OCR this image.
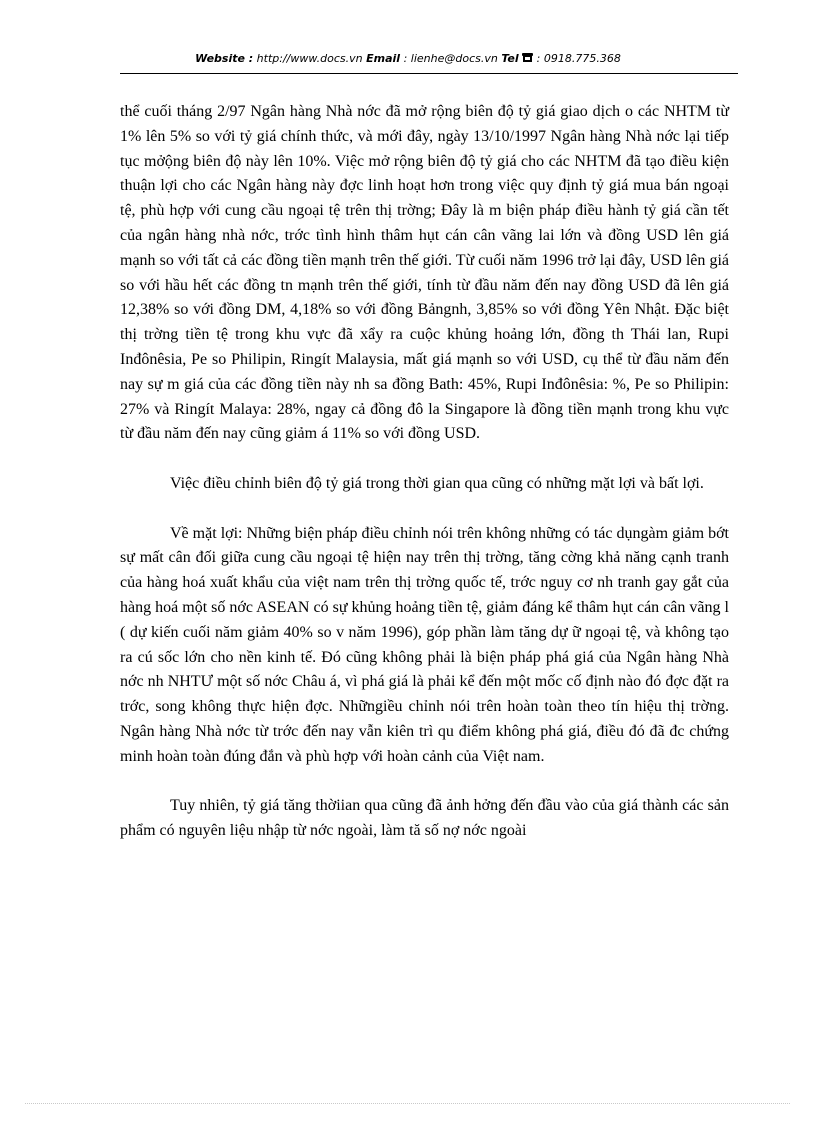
Website : http://www.docs.vn Email : lienhe@docs.vn Tel : 0918.775.368

thể cuối tháng 2/97 Ngân hàng Nhà nớc đã mở rộng biên độ tỷ giá giao dịch o các NHTM từ 1% lên 5% so với tỷ giá chính thức, và mới đây, ngày 13/10/1997 Ngân hàng Nhà nớc lại tiếp tục mởộng biên độ này lên 10%. Việc mở rộng biên độ tỷ giá cho các NHTM đã tạo điều kiện thuận lợi cho các Ngân hàng này đợc linh hoạt hơn trong việc quy định tỷ giá mua bán ngoại tệ, phù hợp với cung cầu ngoại tệ trên thị trờng; Đây là m biện pháp điều hành tỷ giá cần tết của ngân hàng nhà nớc, trớc tình hình thâm hụt cán cân vãng lai lớn và đồng USD lên giá mạnh so với tất cả các đồng tiền mạnh trên thế giới. Từ cuối năm 1996 trở lại đây, USD lên giá so với hầu hết các đồng tn mạnh trên thế giới, tính từ đầu năm đến nay đồng USD đã lên giá 12,38% so với đồng DM, 4,18% so với đồng Bảngnh, 3,85% so với đồng Yên Nhật. Đặc biệt thị trờng tiền tệ trong khu vực đã xẩy ra cuộc khủng hoảng lớn, đồng th Thái lan, Rupi Inđônêsia, Pe so Philipin, Ringít Malaysia, mất giá mạnh so với USD, cụ thể từ đầu năm đến nay sự m giá của các đồng tiền này nh sa đồng Bath: 45%, Rupi Inđônêsia: %, Pe so Philipin: 27% và Ringít Malaya: 28%, ngay cả đồng đô la Singapore là đồng tiền mạnh trong khu vực từ đầu năm đến nay cũng giảm á 11% so với đồng USD.

Việc điều chỉnh biên độ tỷ giá trong thời gian qua cũng có những mặt lợi và bất lợi.

Về mặt lợi: Những biện pháp điều chỉnh nói trên không những có tác dụngàm giảm bớt sự mất cân đối giữa cung cầu ngoại tệ hiện nay trên thị trờng, tăng cờng khả năng cạnh tranh của hàng hoá xuất khẩu của việt nam trên thị trờng quốc tế, trớc nguy cơ nh tranh gay gắt của hàng hoá một số nớc ASEAN có sự khủng hoảng tiền tệ, giảm đáng kể thâm hụt cán cân vãng l ( dự kiến cuối năm giảm 40% so v năm 1996), góp phần làm tăng dự ữ ngoại tệ, và không tạo ra cú sốc lớn cho nền kinh tế. Đó cũng không phải là biện pháp phá giá của Ngân hàng Nhà nớc nh NHTƯ một số nớc Châu á, vì phá giá là phải kể đến một mốc cố định nào đó đợc đặt ra trớc, song không thực hiện đợc. Nhữngiều chỉnh nói trên hoàn toàn theo tín hiệu thị trờng. Ngân hàng Nhà nớc từ trớc đến nay vẫn kiên trì qu điểm không phá giá, điều đó đã đc chứng minh hoàn toàn đúng đắn và phù hợp với hoàn cảnh của Việt nam.

Tuy nhiên, tỷ giá tăng thờiian qua cũng đã ảnh hởng đến đầu vào của giá thành các sản phẩm có nguyên liệu nhập từ nớc ngoài, làm tă số nợ nớc ngoài
